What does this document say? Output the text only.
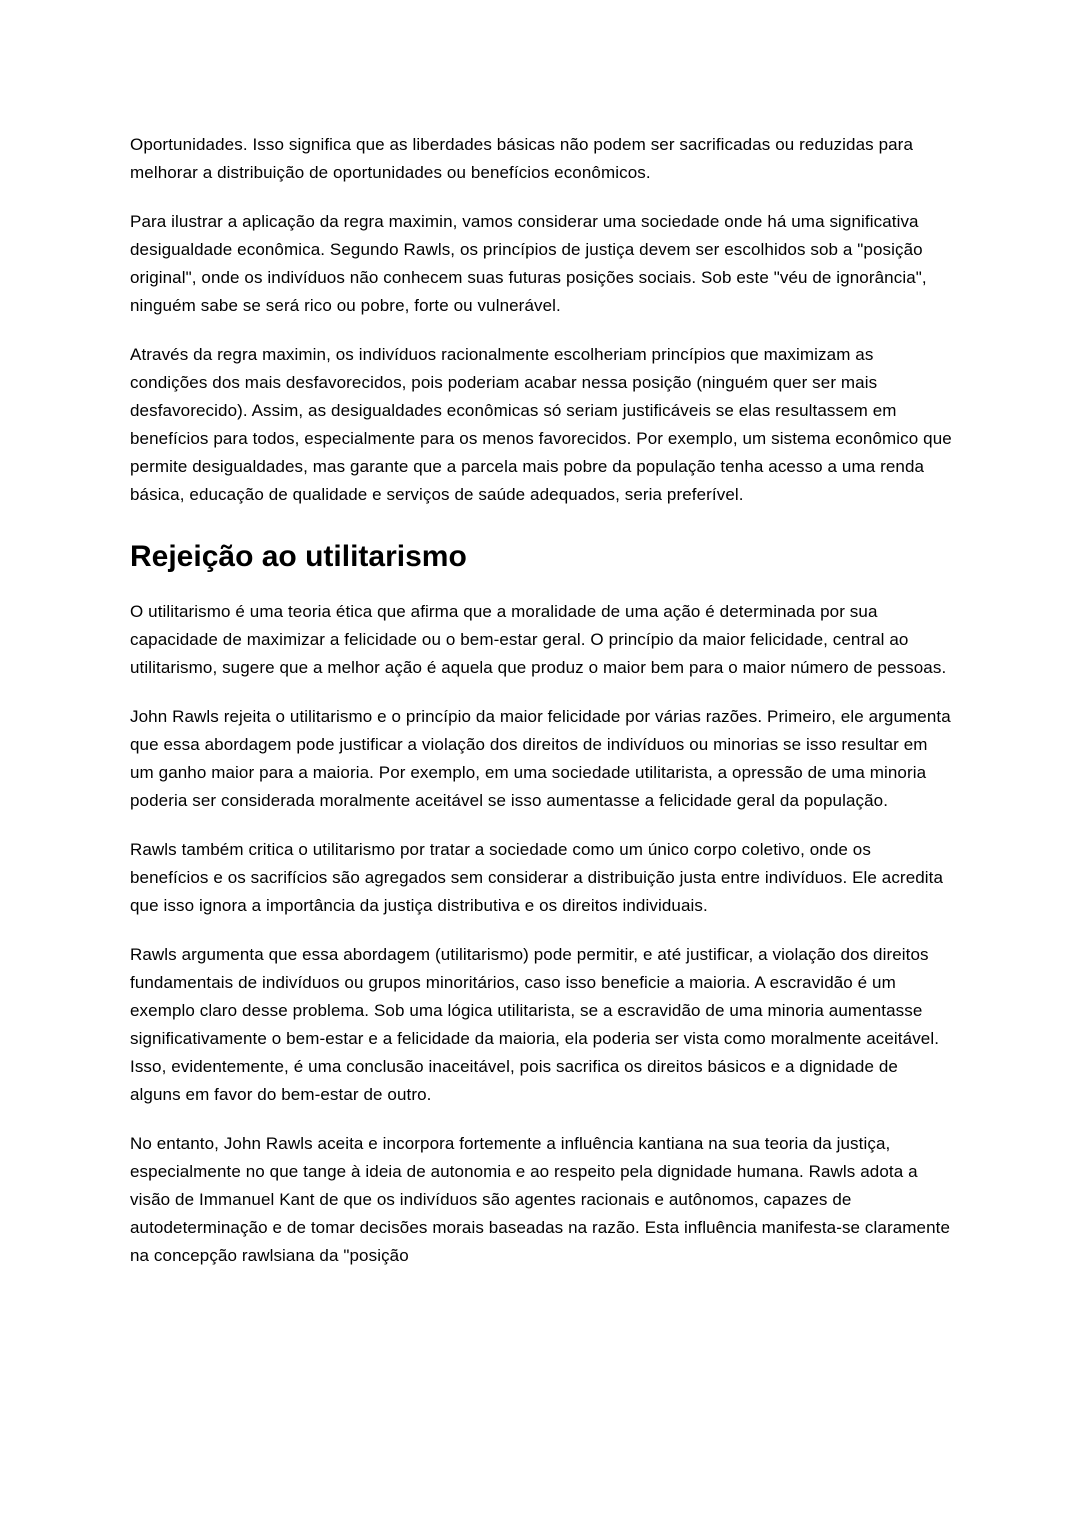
Oportunidades. Isso significa que as liberdades básicas não podem ser sacrificadas ou reduzidas para melhorar a distribuição de oportunidades ou benefícios econômicos.

Para ilustrar a aplicação da regra maximin, vamos considerar uma sociedade onde há uma significativa desigualdade econômica. Segundo Rawls, os princípios de justiça devem ser escolhidos sob a "posição original", onde os indivíduos não conhecem suas futuras posições sociais. Sob este "véu de ignorância", ninguém sabe se será rico ou pobre, forte ou vulnerável.

Através da regra maximin, os indivíduos racionalmente escolheriam princípios que maximizam as condições dos mais desfavorecidos, pois poderiam acabar nessa posição (ninguém quer ser mais desfavorecido). Assim, as desigualdades econômicas só seriam justificáveis se elas resultassem em benefícios para todos, especialmente para os menos favorecidos. Por exemplo, um sistema econômico que permite desigualdades, mas garante que a parcela mais pobre da população tenha acesso a uma renda básica, educação de qualidade e serviços de saúde adequados, seria preferível.

Rejeição ao utilitarismo

O utilitarismo é uma teoria ética que afirma que a moralidade de uma ação é determinada por sua capacidade de maximizar a felicidade ou o bem-estar geral. O princípio da maior felicidade, central ao utilitarismo, sugere que a melhor ação é aquela que produz o maior bem para o maior número de pessoas.

John Rawls rejeita o utilitarismo e o princípio da maior felicidade por várias razões. Primeiro, ele argumenta que essa abordagem pode justificar a violação dos direitos de indivíduos ou minorias se isso resultar em um ganho maior para a maioria. Por exemplo, em uma sociedade utilitarista, a opressão de uma minoria poderia ser considerada moralmente aceitável se isso aumentasse a felicidade geral da população.

Rawls também critica o utilitarismo por tratar a sociedade como um único corpo coletivo, onde os benefícios e os sacrifícios são agregados sem considerar a distribuição justa entre indivíduos. Ele acredita que isso ignora a importância da justiça distributiva e os direitos individuais.

Rawls argumenta que essa abordagem (utilitarismo) pode permitir, e até justificar, a violação dos direitos fundamentais de indivíduos ou grupos minoritários, caso isso beneficie a maioria. A escravidão é um exemplo claro desse problema. Sob uma lógica utilitarista, se a escravidão de uma minoria aumentasse significativamente o bem-estar e a felicidade da maioria, ela poderia ser vista como moralmente aceitável. Isso, evidentemente, é uma conclusão inaceitável, pois sacrifica os direitos básicos e a dignidade de alguns em favor do bem-estar de outro.

No entanto, John Rawls aceita e incorpora fortemente a influência kantiana na sua teoria da justiça, especialmente no que tange à ideia de autonomia e ao respeito pela dignidade humana. Rawls adota a visão de Immanuel Kant de que os indivíduos são agentes racionais e autônomos, capazes de autodeterminação e de tomar decisões morais baseadas na razão. Esta influência manifesta-se claramente na concepção rawlsiana da "posição
